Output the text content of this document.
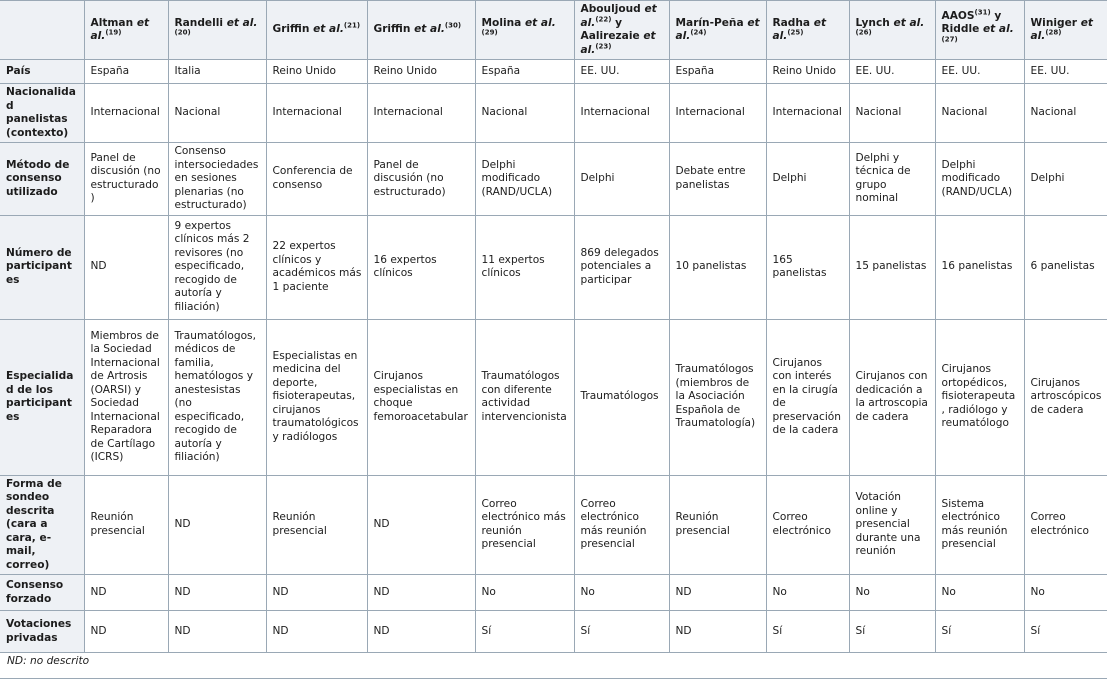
	Altman et al.$^{(19)}$	Randelli et al.$^{(20)}$	Griffin et al.$^{(21)}$	Griffin et al.$^{(30)}$	Molina et al.$^{(29)}$	Abouljoud et al.$^{(22)}$ y Aalirezaie et al.$^{(23)}$	Marín-Peña et al.$^{(24)}$	Radha et al.$^{(25)}$	Lynch et al.$^{(26)}$	AAOS$^{(31)}$ y Riddle et al.$^{(27)}$	Winiger et al.$^{(28)}$
País	España	Italia	Reino Unido	Reino Unido	España	EE. UU.	España	Reino Unido	EE. UU.	EE. UU.	EE. UU.
Nacionalidad panelistas (contexto)	Internacional	Nacional	Internacional	Internacional	Nacional	Internacional	Internacional	Internacional	Nacional	Nacional	Nacional
Método de consenso utilizado	Panel de discusión (no estructurado)	Consenso intersociedades en sesiones plenarias (no estructurado)	Conferencia de consenso	Panel de discusión (no estructurado)	Delphi modificado (RAND/UCLA)	Delphi	Debate entre panelistas	Delphi	Delphi y técnica de grupo nominal	Delphi modificado (RAND/UCLA)	Delphi
Número de participantes	ND	9 expertos clínicos más 2 revisores (no especificado, recogido de autoría y filiación)	22 expertos clínicos y académicos más 1 paciente	16 expertos clínicos	11 expertos clínicos	869 delegados potenciales a participar	10 panelistas	165 panelistas	15 panelistas	16 panelistas	6 panelistas
Especialidad de los participantes	Miembros de la Sociedad Internacional de Artrosis (OARSI) y Sociedad Internacional Reparadora de Cartílago (ICRS)	Traumatólogos, médicos de familia, hematólogos y anestesistas (no especificado, recogido de autoría y filiación)	Especialistas en medicina del deporte, fisioterapeutas, cirujanos traumatológicos y radiólogos	Cirujanos especialistas en choque femoroacetabular	Traumatólogos con diferente actividad intervencionista	Traumatólogos	Traumatólogos (miembros de la Asociación Española de Traumatología)	Cirujanos con interés en la cirugía de preservación de la cadera	Cirujanos con dedicación a la artroscopia de cadera	Cirujanos ortopédicos, fisioterapeuta, radiólogo y reumatólogo	Cirujanos artroscópicos de cadera
Forma de sondeo descrita (cara a cara, e-mail, correo)	Reunión presencial	ND	Reunión presencial	ND	Correo electrónico más reunión presencial	Correo electrónico más reunión presencial	Reunión presencial	Correo electrónico	Votación online y presencial durante una reunión	Sistema electrónico más reunión presencial	Correo electrónico
Consenso forzado	ND	ND	ND	ND	No	No	ND	No	No	No	No
Votaciones privadas	ND	ND	ND	ND	Sí	Sí	ND	Sí	Sí	Sí	Sí
ND: no descrito
